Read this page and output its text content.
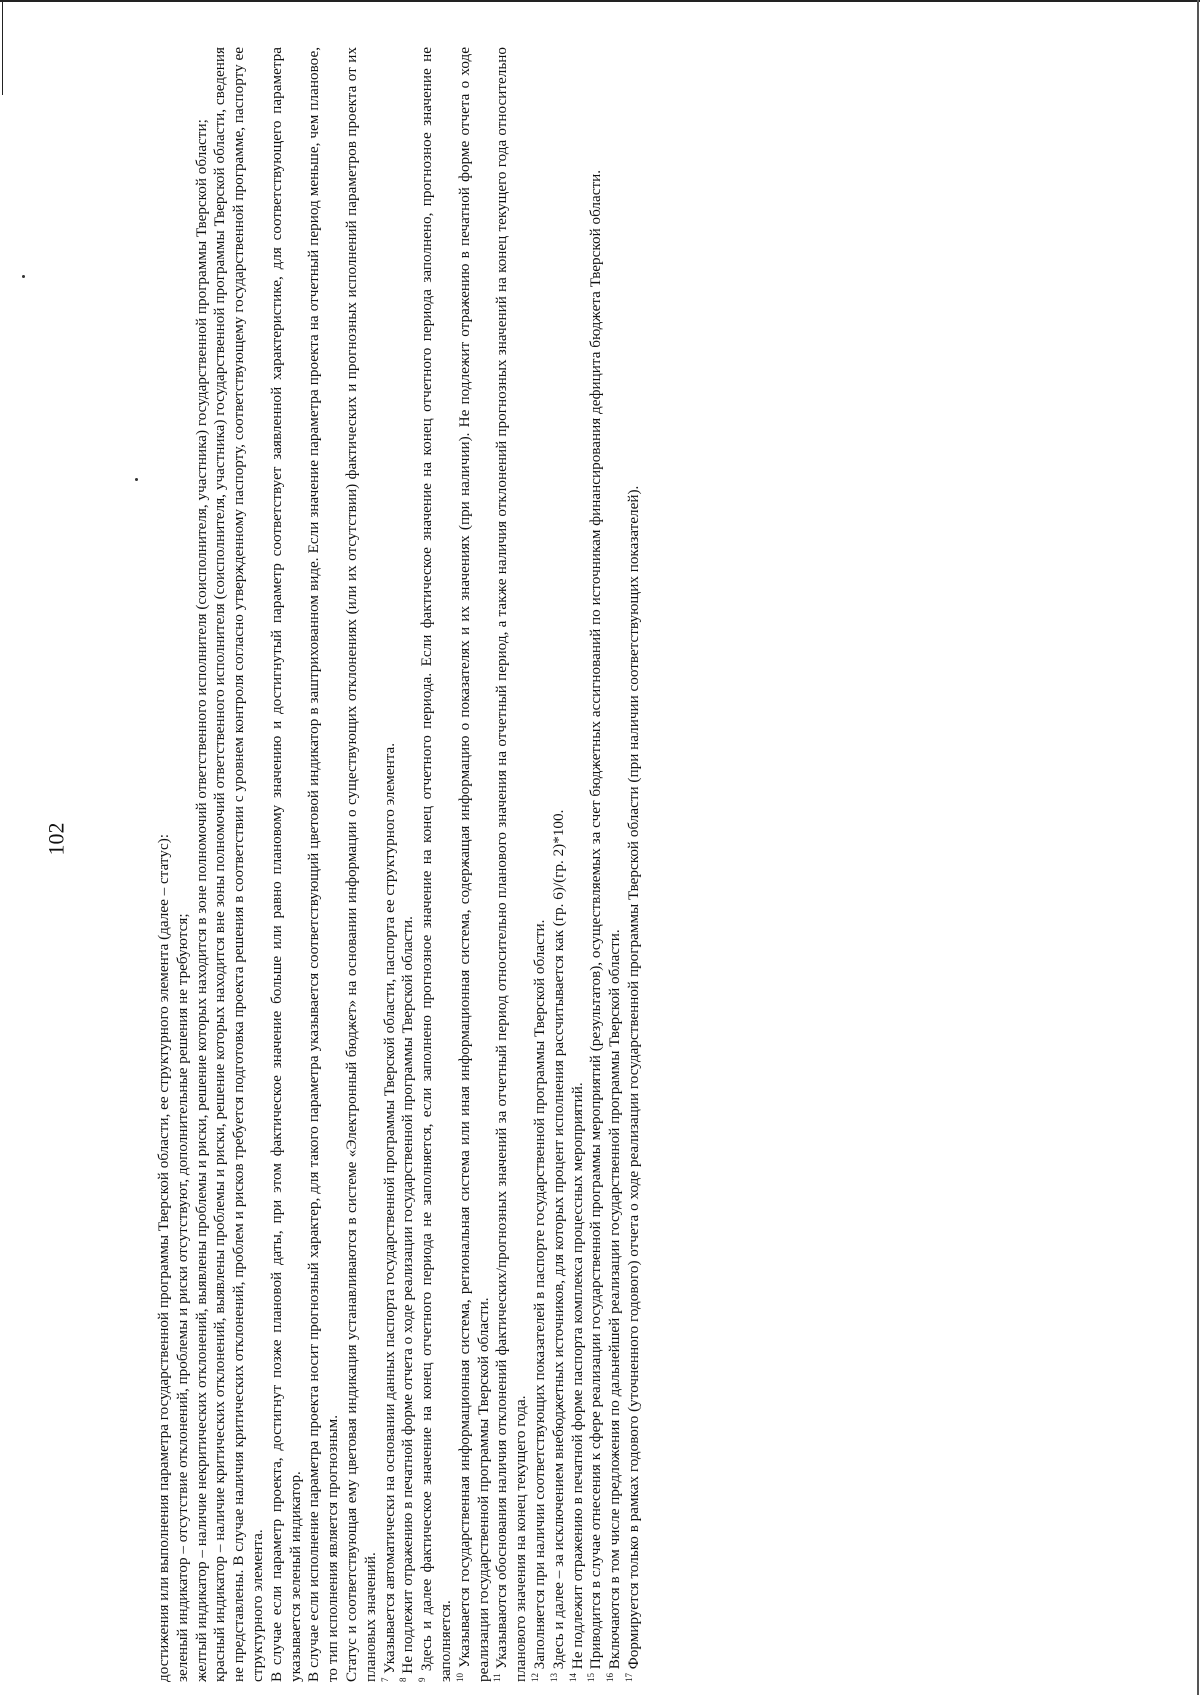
102	достижения или выполнения параметра государственной программы Тверской области, ее структурного элемента (далее – статус): зеленый индикатор – отсутствие отклонений, проблемы и риски отсутствуют, дополнительные решения не требуются; желтый индикатор – наличие некритических отклонений, выявлены проблемы и риски, решение которых находится в зоне полномочий ответственного исполнителя (соисполнителя, участника) государственной программы Тверской области; красный индикатор – наличие критических отклонений, выявлены проблемы и риски, решение которых находится вне зоны полномочий ответственного исполнителя (соисполнителя, участника) государственной программы Тверской области, сведения не представлены. В случае наличия критических отклонений, проблем и рисков требуется подготовка проекта решения в соответствии с уровнем контроля согласно утвержденному паспорту, соответствующему государственной программе, паспорту ее структурного элемента. В случае если параметр проекта, достигнут позже плановой даты, при этом фактическое значение больше или равно плановому значению и достигнутый параметр соответствует заявленной характеристике, для соответствующего параметра указывается зеленый индикатор. В случае если исполнение параметра проекта носит прогнозный характер, для такого параметра указывается соответствующий цветовой индикатор в заштрихованном виде. Если значение параметра проекта на отчетный период меньше, чем плановое, то тип исполнения является прогнозным. Статус и соответствующая ему цветовая индикация устанавливаются в системе «Электронный бюджет» на основании информации о существующих отклонениях (или их отсутствии) фактических и прогнозных исполнений параметров проекта от их плановых значений. $^7$ Указывается автоматически на основании данных паспорта государственной программы Тверской области, паспорта ее структурного элемента.

$^8$ Не подлежит отражению в печатной форме отчета о ходе реализации государственной программы Тверской области.

$^9$ Здесь и далее фактическое значение на конец отчетного периода не заполняется, если заполнено прогнозное значение на конец отчетного периода. Если фактическое значение на конец отчетного периода заполнено, прогнозное значение не заполняется. $^{10}$ Указывается государственная информационная система, региональная система или иная информационная система, содержащая информацию о показателях и их значениях (при наличии). Не подлежит отражению в печатной форме отчета о ходе реализации государственной программы Тверской области. $^{11}$ Указываются обоснования наличия отклонений фактических/прогнозных значений за отчетный период относительно планового значения на отчетный период, а также наличия отклонений прогнозных значений на конец текущего года относительно планового значения на конец текущего года. $^{12}$ Заполняется при наличии соответствующих показателей в паспорте государственной программы Тверской области.

$^{13}$ Здесь и далее – за исключением внебюджетных источников, для которых процент исполнения рассчитывается как (гр. 6)/(гр. 2)*100.

$^{14}$ Не подлежит отражению в печатной форме паспорта комплекса процессных мероприятий.

$^{15}$ Приводится в случае отнесения к сфере реализации государственной программы мероприятий (результатов), осуществляемых за счет бюджетных ассигнований по источникам финансирования дефицита бюджета Тверской области.

$^{16}$ Включаются в том числе предложения по дальнейшей реализации государственной программы Тверской области.

$^{17}$ Формируется только в рамках годового (уточненного годового) отчета о ходе реализации государственной программы Тверской области (при наличии соответствующих показателей).
